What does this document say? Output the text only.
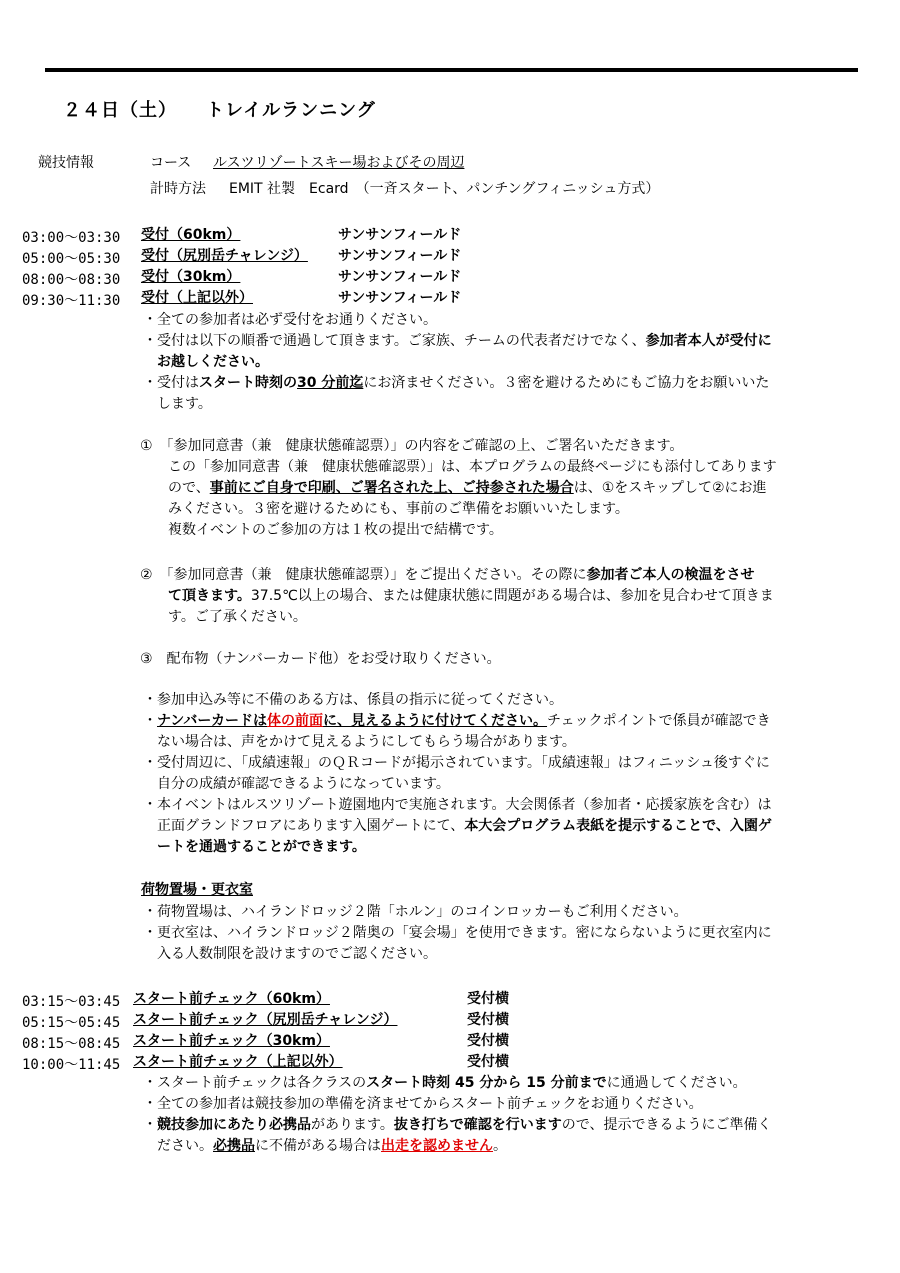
２４日（土）　　トレイルランニング
競技情報	コース ルスツリゾートスキー場およびその周辺
計時方法 EMIT 社製　Ecard　（一斉スタート、パンチングフィニッシュ方式）
03:00～03:30 受付（60km）	サンサンフィールド
05:00～05:30 受付（尻別岳チャレンジ） サンサンフィールド
08:00～08:30 受付（30km）	サンサンフィールド
09:30～11:30 受付（上記以外）	サンサンフィールド
・全ての参加者は必ず受付をお通りください。
・受付は以下の順番で通過して頂きます。ご家族、チームの代表者だけでなく、参加者本人が受付に
お越しください。
・受付はスタート時刻の30 分前迄にお済ませください。３密を避けるためにもご協力をお願いいた
します。
①　「参加同意書（兼　健康状態確認票）」の内容をご確認の上、ご署名いただきます。
この「参加同意書（兼　健康状態確認票）」は、本プログラムの最終ページにも添付してあります
ので、事前にご自身で印刷、ご署名された上、ご持参された場合は、①をスキップして②にお進
みください。３密を避けるためにも、事前のご準備をお願いいたします。
複数イベントのご参加の方は１枚の提出で結構です。
②　「参加同意書（兼　健康状態確認票）」をご提出ください。その際に参加者ご本人の検温をさせ
て頂きます。37.5℃以上の場合、または健康状態に問題がある場合は、参加を見合わせて頂きま
す。ご了承ください。
③　配布物（ナンバーカード他）をお受け取りください。
・参加申込み等に不備のある方は、係員の指示に従ってください。
・ナンバーカードは体の前面に、見えるように付けてください。チェックポイントで係員が確認でき
ない場合は、声をかけて見えるようにしてもらう場合があります。
・受付周辺に、「成績速報」のＱＲコードが掲示されています。「成績速報」はフィニッシュ後すぐに
自分の成績が確認できるようになっています。
・本イベントはルスツリゾート遊園地内で実施されます。大会関係者（参加者・応援家族を含む）は
正面グランドフロアにあります入園ゲートにて、本大会プログラム表紙を提示することで、入園ゲ
ートを通過することができます。
荷物置場・更衣室
・荷物置場は、ハイランドロッジ２階「ホルン」のコインロッカーもご利用ください。
・更衣室は、ハイランドロッジ２階奥の「宴会場」を使用できます。密にならないように更衣室内に
入る人数制限を設けますのでご認ください。
03:15～03:45 スタート前チェック（60km）	受付横
05:15～05:45 スタート前チェック（尻別岳チャレンジ）	受付横
08:15～08:45 スタート前チェック（30km）	受付横
10:00～11:45 スタート前チェック（上記以外）	受付横
・スタート前チェックは各クラスのスタート時刻 45 分から 15 分前までに通過してください。
・全ての参加者は競技参加の準備を済ませてからスタート前チェックをお通りください。
・競技参加にあたり必携品があります。抜き打ちで確認を行いますので、提示できるようにご準備く
ださい。必携品に不備がある場合は出走を認めません。
